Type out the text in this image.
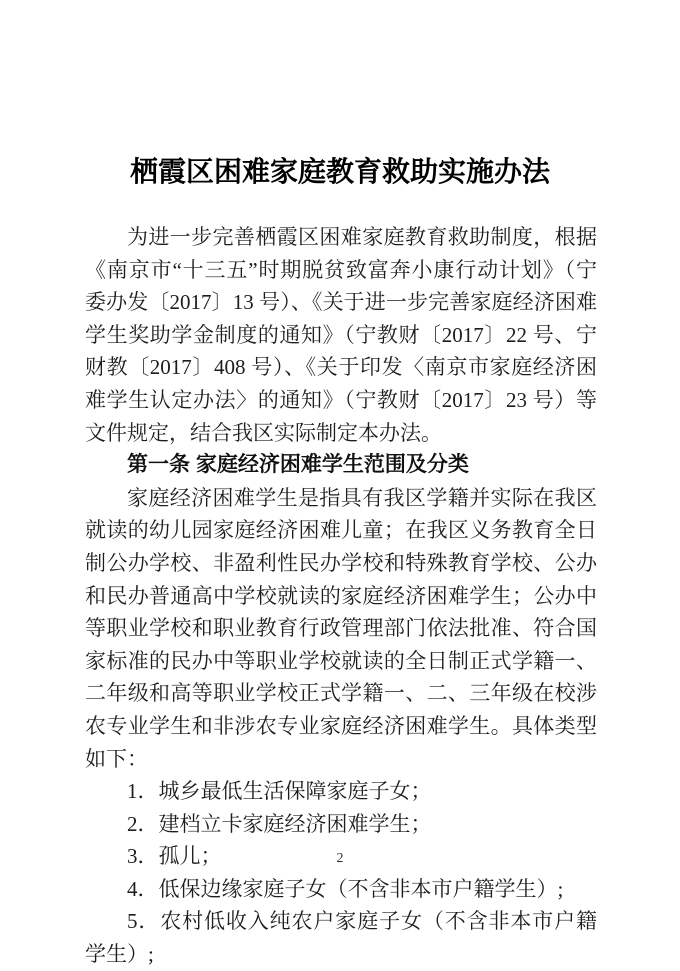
栖霞区困难家庭教育救助实施办法
为进一步完善栖霞区困难家庭教育救助制度，根据《南京市“十三五”时期脱贫致富奔小康行动计划》（宁委办发〔2017〕13 号）、《关于进一步完善家庭经济困难学生奖助学金制度的通知》（宁教财〔2017〕22 号、宁财教〔2017〕408 号）、《关于印发〈南京市家庭经济困难学生认定办法〉的通知》（宁教财〔2017〕23 号）等文件规定，结合我区实际制定本办法。
第一条 家庭经济困难学生范围及分类
家庭经济困难学生是指具有我区学籍并实际在我区就读的幼儿园家庭经济困难儿童；在我区义务教育全日制公办学校、非盈利性民办学校和特殊教育学校、公办和民办普通高中学校就读的家庭经济困难学生；公办中等职业学校和职业教育行政管理部门依法批准、符合国家标准的民办中等职业学校就读的全日制正式学籍一、二年级和高等职业学校正式学籍一、二、三年级在校涉农专业学生和非涉农专业家庭经济困难学生。具体类型如下：
1．城乡最低生活保障家庭子女；
2．建档立卡家庭经济困难学生；
3．孤儿；
4．低保边缘家庭子女（不含非本市户籍学生）;
5．农村低收入纯农户家庭子女（不含非本市户籍学生）;
2
